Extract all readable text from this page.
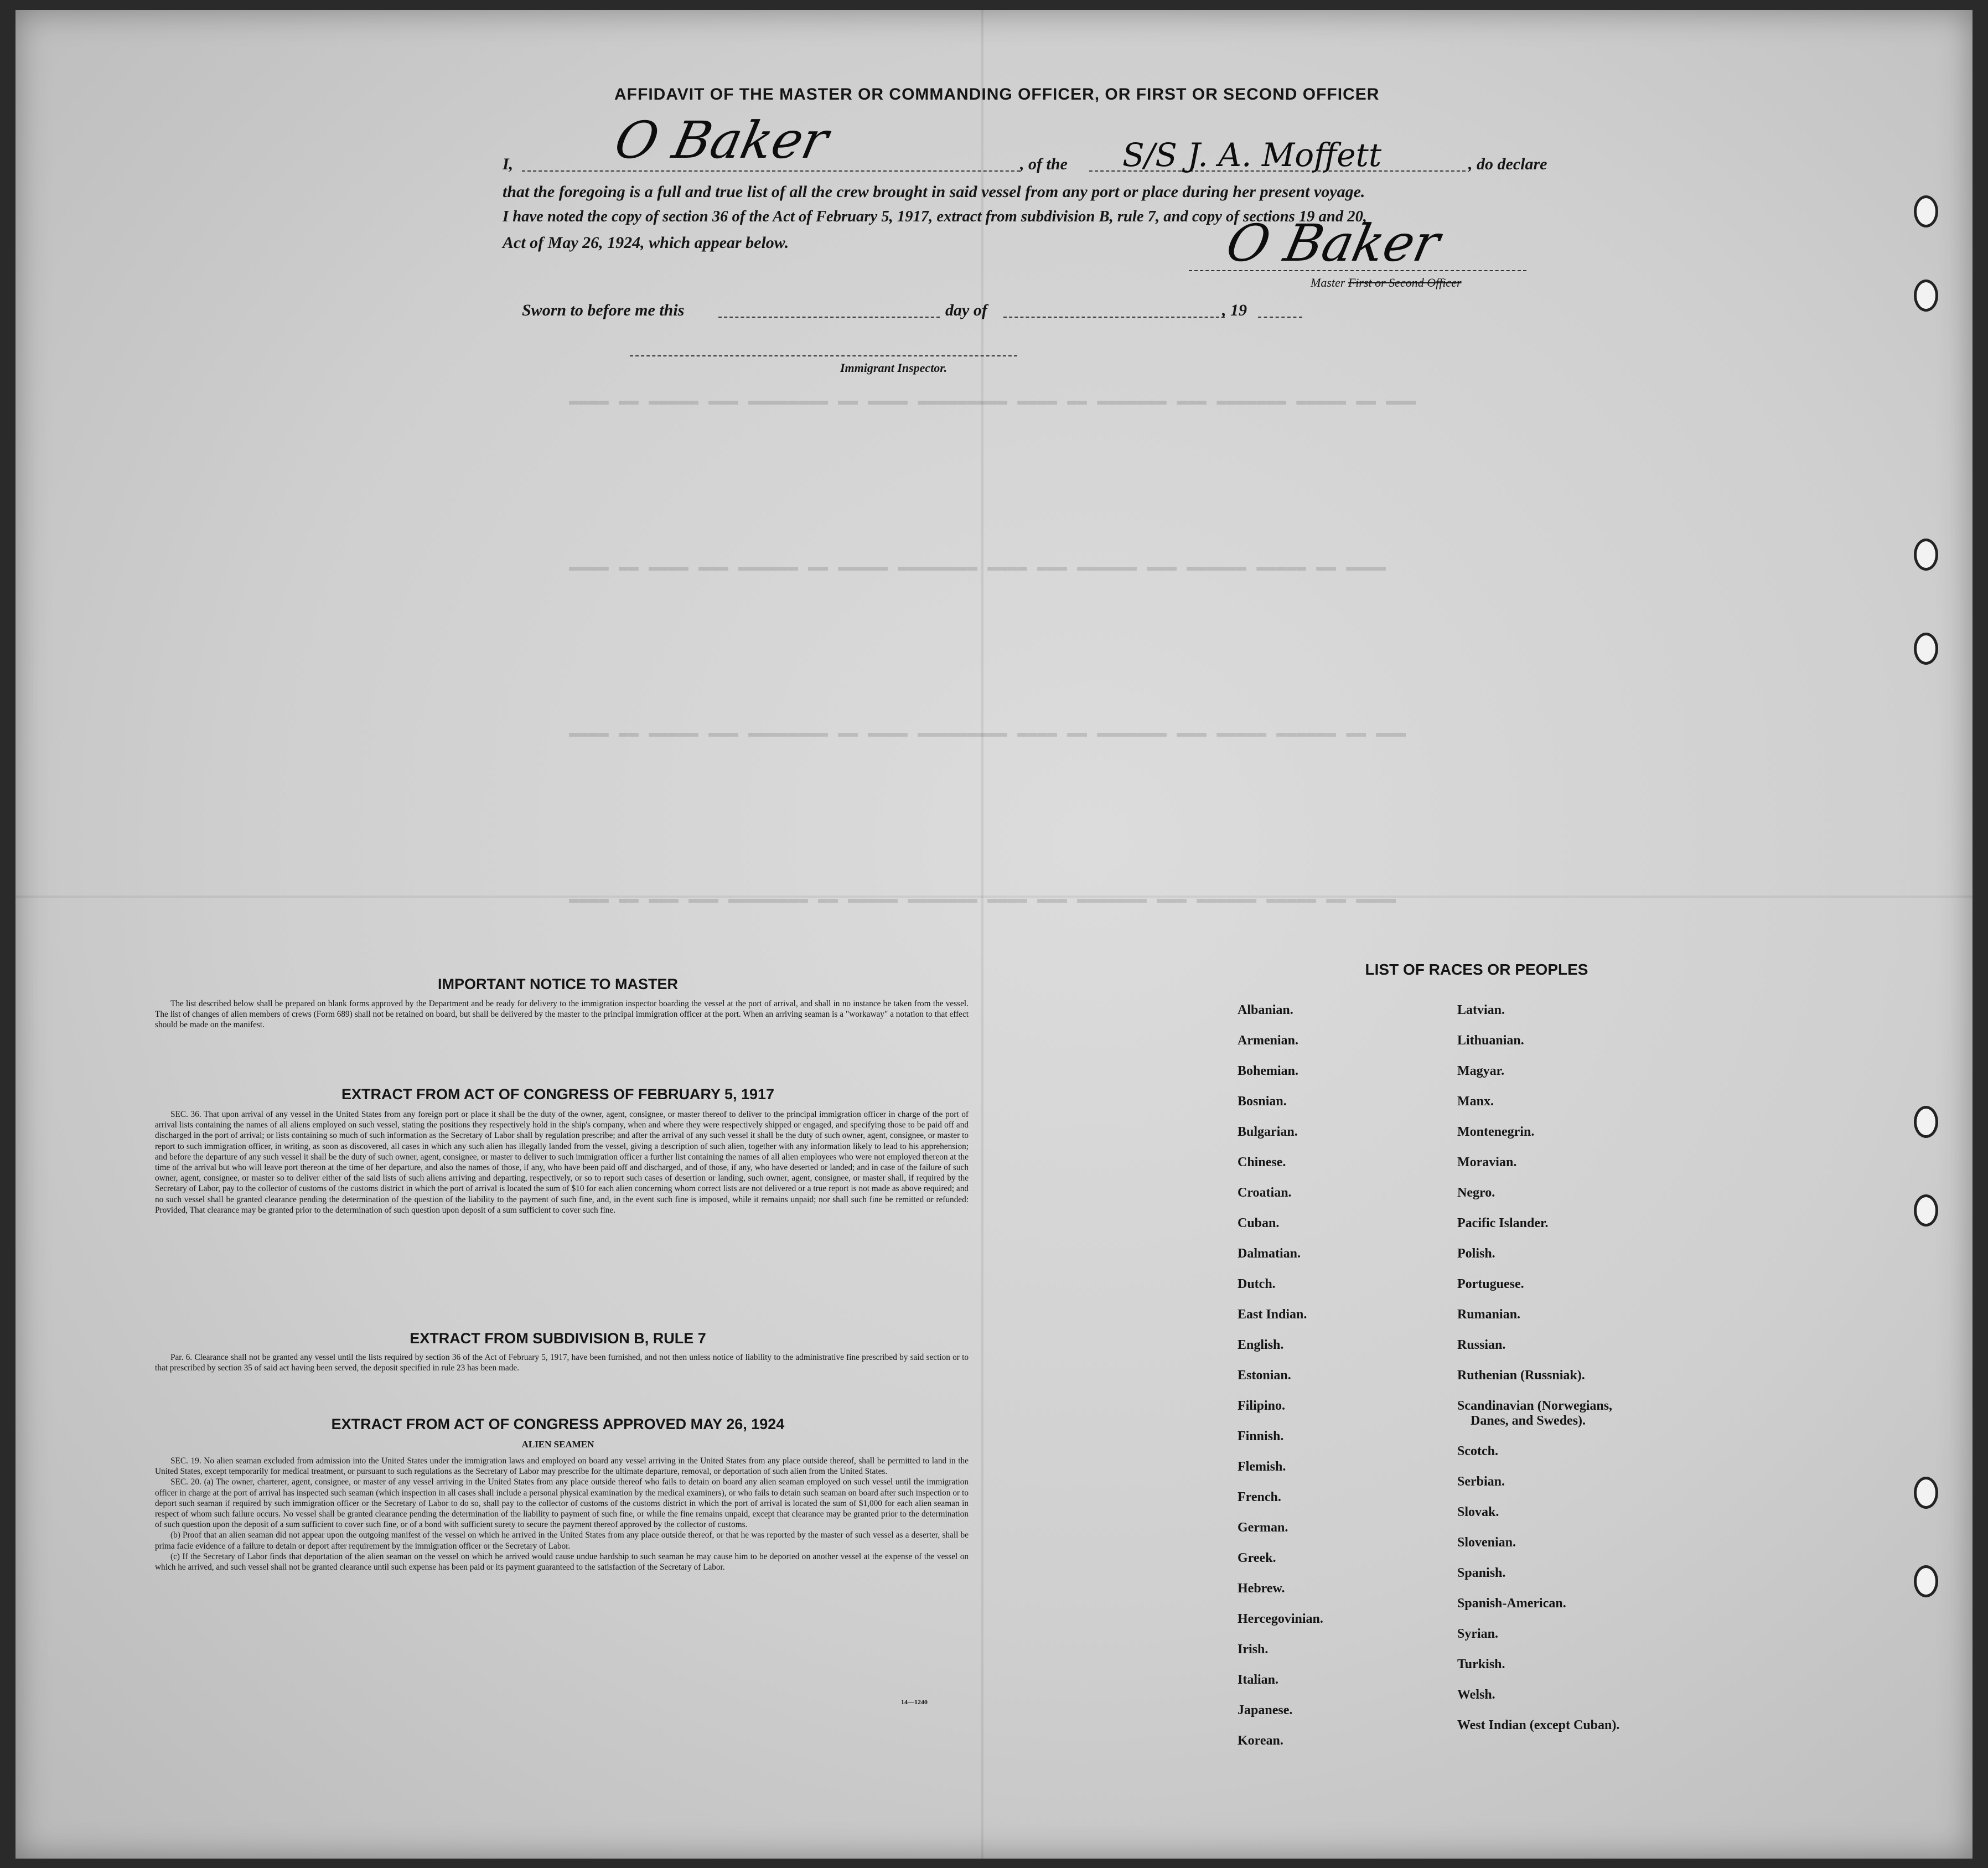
▬▬▬▬ ▬▬ ▬▬▬▬▬ ▬▬▬ ▬▬▬▬▬▬▬▬ ▬▬ ▬▬▬▬ ▬▬▬▬▬▬▬▬▬ ▬▬▬▬ ▬▬ ▬▬▬▬▬▬▬ ▬▬▬ ▬▬▬▬▬▬▬ ▬▬▬▬▬ ▬▬ ▬▬▬
▬▬▬▬ ▬▬ ▬▬▬▬ ▬▬▬ ▬▬▬▬▬▬ ▬▬ ▬▬▬▬▬ ▬▬▬▬▬▬▬▬ ▬▬▬▬ ▬▬▬ ▬▬▬▬▬▬ ▬▬▬ ▬▬▬▬▬▬ ▬▬▬▬▬ ▬▬ ▬▬▬▬
▬▬▬▬ ▬▬ ▬▬▬▬▬ ▬▬▬ ▬▬▬▬▬▬▬▬ ▬▬ ▬▬▬▬ ▬▬▬▬▬▬▬▬▬ ▬▬▬▬ ▬▬ ▬▬▬▬▬▬▬ ▬▬▬ ▬▬▬▬▬ ▬▬▬▬▬▬ ▬▬ ▬▬▬
▬▬▬▬ ▬▬ ▬▬▬ ▬▬▬ ▬▬▬▬▬▬▬▬ ▬▬ ▬▬▬▬▬ ▬▬▬▬▬▬▬ ▬▬▬▬ ▬▬▬ ▬▬▬▬▬▬▬ ▬▬▬ ▬▬▬▬▬▬ ▬▬▬▬▬ ▬▬ ▬▬▬▬
AFFIDAVIT OF THE MASTER OR COMMANDING OFFICER, OR FIRST OR SECOND OFFICER
I, O Baker	, of the S/S J. A. Moffett	, do declare
that the foregoing is a full and true list of all the crew brought in said vessel from any port or place during her present voyage.
I have noted the copy of section 36 of the Act of February 5, 1917, extract from subdivision B, rule 7, and copy of sections 19 and 20,
Act of May 26, 1924, which appear below.	O Baker
Master First or Second Officer
Sworn to before me this	day of	, 19
Immigrant Inspector.
IMPORTANT NOTICE TO MASTER

The list described below shall be prepared on blank forms approved by the Department and be ready for delivery to the immigration inspector boarding the vessel at the port of arrival, and shall in no instance be taken from the vessel. The list of changes of alien members of crews (Form 689) shall not be retained on board, but shall be delivered by the master to the principal immigration officer at the port. When an arriving seaman is a "workaway" a notation to that effect should be made on the manifest.

EXTRACT FROM ACT OF CONGRESS OF FEBRUARY 5, 1917

SEC. 36. That upon arrival of any vessel in the United States from any foreign port or place it shall be the duty of the owner, agent, consignee, or master thereof to deliver to the principal immigration officer in charge of the port of arrival lists containing the names of all aliens employed on such vessel, stating the positions they respectively hold in the ship's company, when and where they were respectively shipped or engaged, and specifying those to be paid off and discharged in the port of arrival; or lists containing so much of such information as the Secretary of Labor shall by regulation prescribe; and after the arrival of any such vessel it shall be the duty of such owner, agent, consignee, or master to report to such immigration officer, in writing, as soon as discovered, all cases in which any such alien has illegally landed from the vessel, giving a description of such alien, together with any information likely to lead to his apprehension; and before the departure of any such vessel it shall be the duty of such owner, agent, consignee, or master to deliver to such immigration officer a further list containing the names of all alien employees who were not employed thereon at the time of the arrival but who will leave port thereon at the time of her departure, and also the names of those, if any, who have been paid off and discharged, and of those, if any, who have deserted or landed; and in case of the failure of such owner, agent, consignee, or master so to deliver either of the said lists of such aliens arriving and departing, respectively, or so to report such cases of desertion or landing, such owner, agent, consignee, or master shall, if required by the Secretary of Labor, pay to the collector of customs of the customs district in which the port of arrival is located the sum of $10 for each alien concerning whom correct lists are not delivered or a true report is not made as above required; and no such vessel shall be granted clearance pending the determination of the question of the liability to the payment of such fine, and, in the event such fine is imposed, while it remains unpaid; nor shall such fine be remitted or refunded: Provided, That clearance may be granted prior to the determination of such question upon deposit of a sum sufficient to cover such fine.

EXTRACT FROM SUBDIVISION B, RULE 7

Par. 6. Clearance shall not be granted any vessel until the lists required by section 36 of the Act of February 5, 1917, have been furnished, and not then unless notice of liability to the administrative fine prescribed by said section or to that prescribed by section 35 of said act having been served, the deposit specified in rule 23 has been made.

EXTRACT FROM ACT OF CONGRESS APPROVED MAY 26, 1924
ALIEN SEAMEN

SEC. 19. No alien seaman excluded from admission into the United States under the immigration laws and employed on board any vessel arriving in the United States from any place outside thereof, shall be permitted to land in the United States, except temporarily for medical treatment, or pursuant to such regulations as the Secretary of Labor may prescribe for the ultimate departure, removal, or deportation of such alien from the United States.

SEC. 20. (a) The owner, charterer, agent, consignee, or master of any vessel arriving in the United States from any place outside thereof who fails to detain on board any alien seaman employed on such vessel until the immigration officer in charge at the port of arrival has inspected such seaman (which inspection in all cases shall include a personal physical examination by the medical examiners), or who fails to detain such seaman on board after such inspection or to deport such seaman if required by such immigration officer or the Secretary of Labor to do so, shall pay to the collector of customs of the customs district in which the port of arrival is located the sum of $1,000 for each alien seaman in respect of whom such failure occurs. No vessel shall be granted clearance pending the determination of the liability to payment of such fine, or while the fine remains unpaid, except that clearance may be granted prior to the determination of such question upon the deposit of a sum sufficient to cover such fine, or of a bond with sufficient surety to secure the payment thereof approved by the collector of customs.

(b) Proof that an alien seaman did not appear upon the outgoing manifest of the vessel on which he arrived in the United States from any place outside thereof, or that he was reported by the master of such vessel as a deserter, shall be prima facie evidence of a failure to detain or deport after requirement by the immigration officer or the Secretary of Labor.

(c) If the Secretary of Labor finds that deportation of the alien seaman on the vessel on which he arrived would cause undue hardship to such seaman he may cause him to be deported on another vessel at the expense of the vessel on which he arrived, and such vessel shall not be granted clearance until such expense has been paid or its payment guaranteed to the satisfaction of the Secretary of Labor.

14—1240
LIST OF RACES OR PEOPLES
Albanian.
Armenian.
Bohemian.
Bosnian.
Bulgarian.
Chinese.
Croatian.
Cuban.
Dalmatian.
Dutch.
East Indian.
English.
Estonian.
Filipino.
Finnish.
Flemish.
French.
German.
Greek.
Hebrew.
Hercegovinian.
Irish.
Italian.
Japanese.
Korean.
Latvian.
Lithuanian.
Magyar.
Manx.
Montenegrin.
Moravian.
Negro.
Pacific Islander.
Polish.
Portuguese.
Rumanian.
Russian.
Ruthenian (Russniak).
Scandinavian (Norwegians,
Danes, and Swedes).
Scotch.
Serbian.
Slovak.
Slovenian.
Spanish.
Spanish-American.
Syrian.
Turkish.
Welsh.
West Indian (except Cuban).
